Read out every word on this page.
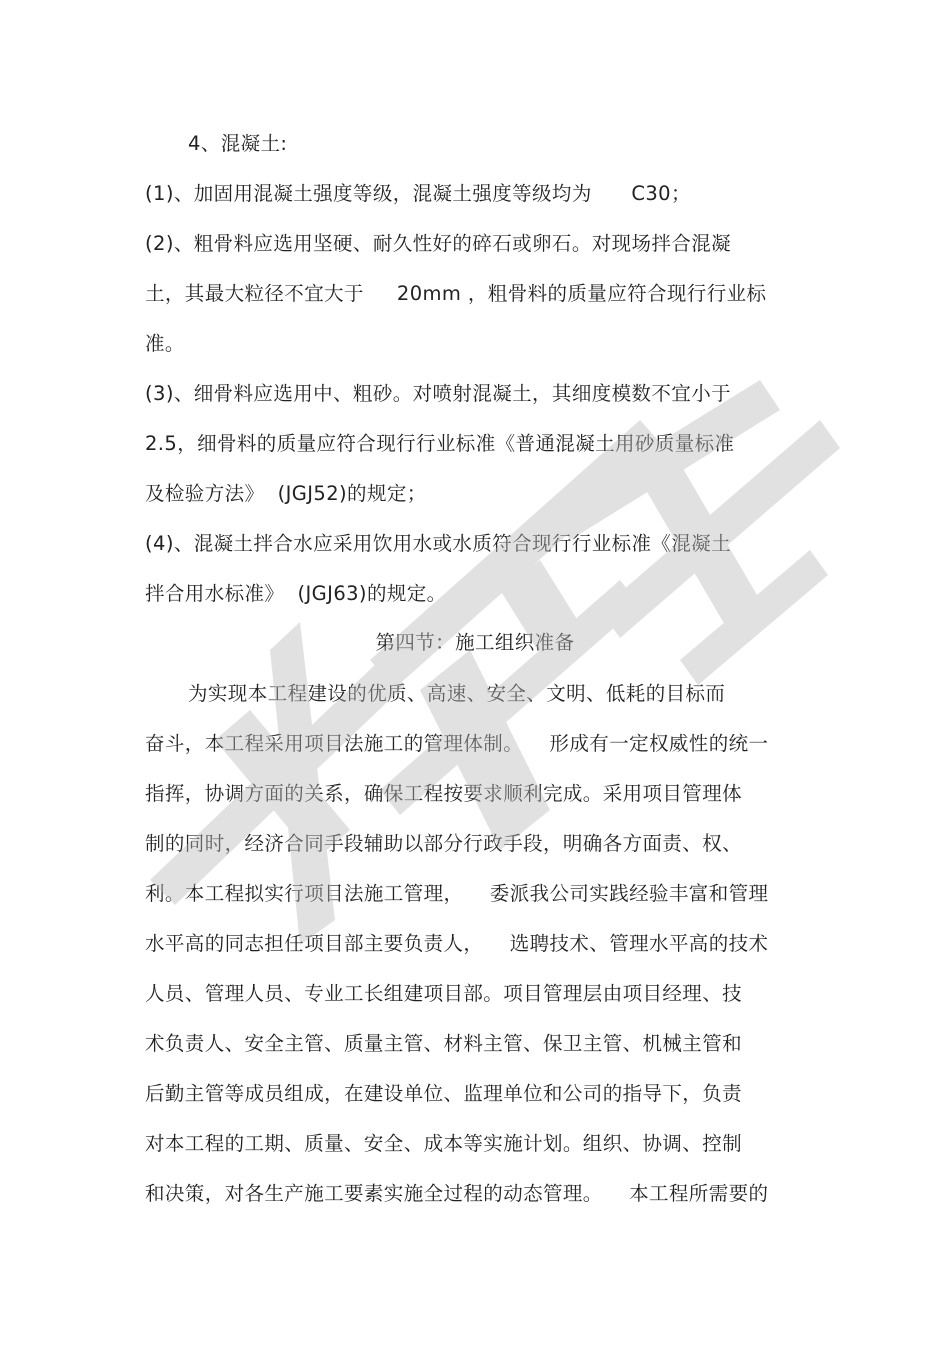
4、混凝土:
(1)、加固用混凝土强度等级，混凝土强度等级均为      C30；
(2)、粗骨料应选用坚硬、耐久性好的碎石或卵石。对现场拌合混凝
土，其最大粒径不宜大于     20mm ，粗骨料的质量应符合现行行业标
准。
(3)、细骨料应选用中、粗砂。对喷射混凝土，其细度模数不宜小于
2.5，细骨料的质量应符合现行行业标准《普通混凝土用砂质量标准
及检验方法》  (JGJ52)的规定；
(4)、混凝土拌合水应采用饮用水或水质符合现行行业标准《混凝土
拌合用水标准》  (JGJ63)的规定。
第四节：施工组织准备
为实现本工程建设的优质、高速、安全、文明、低耗的目标而
奋斗，本工程采用项目法施工的管理体制。    形成有一定权威性的统一
指挥，协调方面的关系，确保工程按要求顺利完成。采用项目管理体
制的同时，经济合同手段辅助以部分行政手段，明确各方面责、权、
利。本工程拟实行项目法施工管理，    委派我公司实践经验丰富和管理
水平高的同志担任项目部主要负责人，    选聘技术、管理水平高的技术
人员、管理人员、专业工长组建项目部。项目管理层由项目经理、技
术负责人、安全主管、质量主管、材料主管、保卫主管、机械主管和
后勤主管等成员组成，在建设单位、监理单位和公司的指导下，负责
对本工程的工期、质量、安全、成本等实施计划。组织、协调、控制
和决策，对各生产施工要素实施全过程的动态管理。    本工程所需要的
